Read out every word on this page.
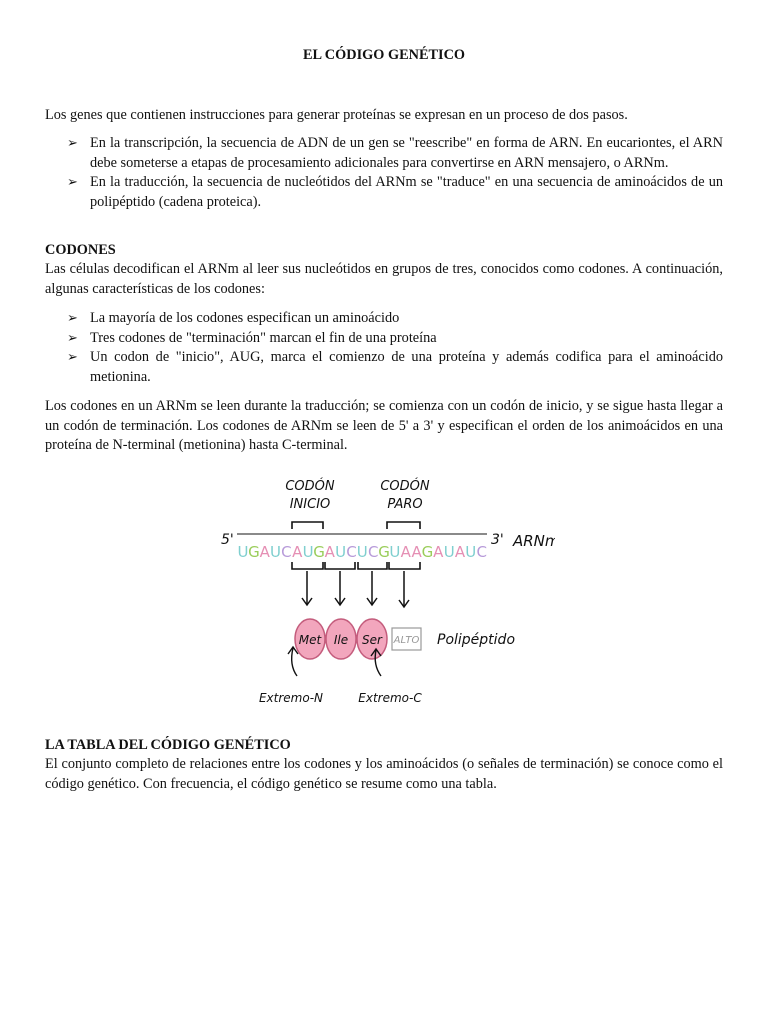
EL CÓDIGO GENÉTICO
Los genes que contienen instrucciones para generar proteínas se expresan en un proceso de dos pasos.
➢ En la transcripción, la secuencia de ADN de un gen se "reescribe" en forma de ARN. En eucariontes, el ARN debe someterse a etapas de procesamiento adicionales para convertirse en ARN mensajero, o ARNm.
➢ En la traducción, la secuencia de nucleótidos del ARNm se "traduce" en una secuencia de aminoácidos de un polipéptido (cadena proteica).
CODONES
Las células decodifican el ARNm al leer sus nucleótidos en grupos de tres, conocidos como codones. A continuación, algunas características de los codones:
➢ La mayoría de los codones especifican un aminoácido
➢ Tres codones de "terminación" marcan el fin de una proteína
➢ Un codon de "inicio", AUG, marca el comienzo de una proteína y además codifica para el aminoácido metionina.
Los codones en un ARNm se leen durante la traducción; se comienza con un codón de inicio, y se sigue hasta llegar a un codón de terminación. Los codones de ARNm se leen de 5' a 3' y especifican el orden de los animoácidos en una proteína de N-terminal (metionina) hasta C-terminal.
CODÓN
INICIO
CODÓN
PARO
5'	3' ARNm
U G A U C A U G A U C U C G U A A G A U A U C
Met Ile Ser ALTO Polipéptido
Extremo-N	Extremo-C
LA TABLA DEL CÓDIGO GENÉTICO
El conjunto completo de relaciones entre los codones y los aminoácidos (o señales de terminación) se conoce como el código genético. Con frecuencia, el código genético se resume como una tabla.
